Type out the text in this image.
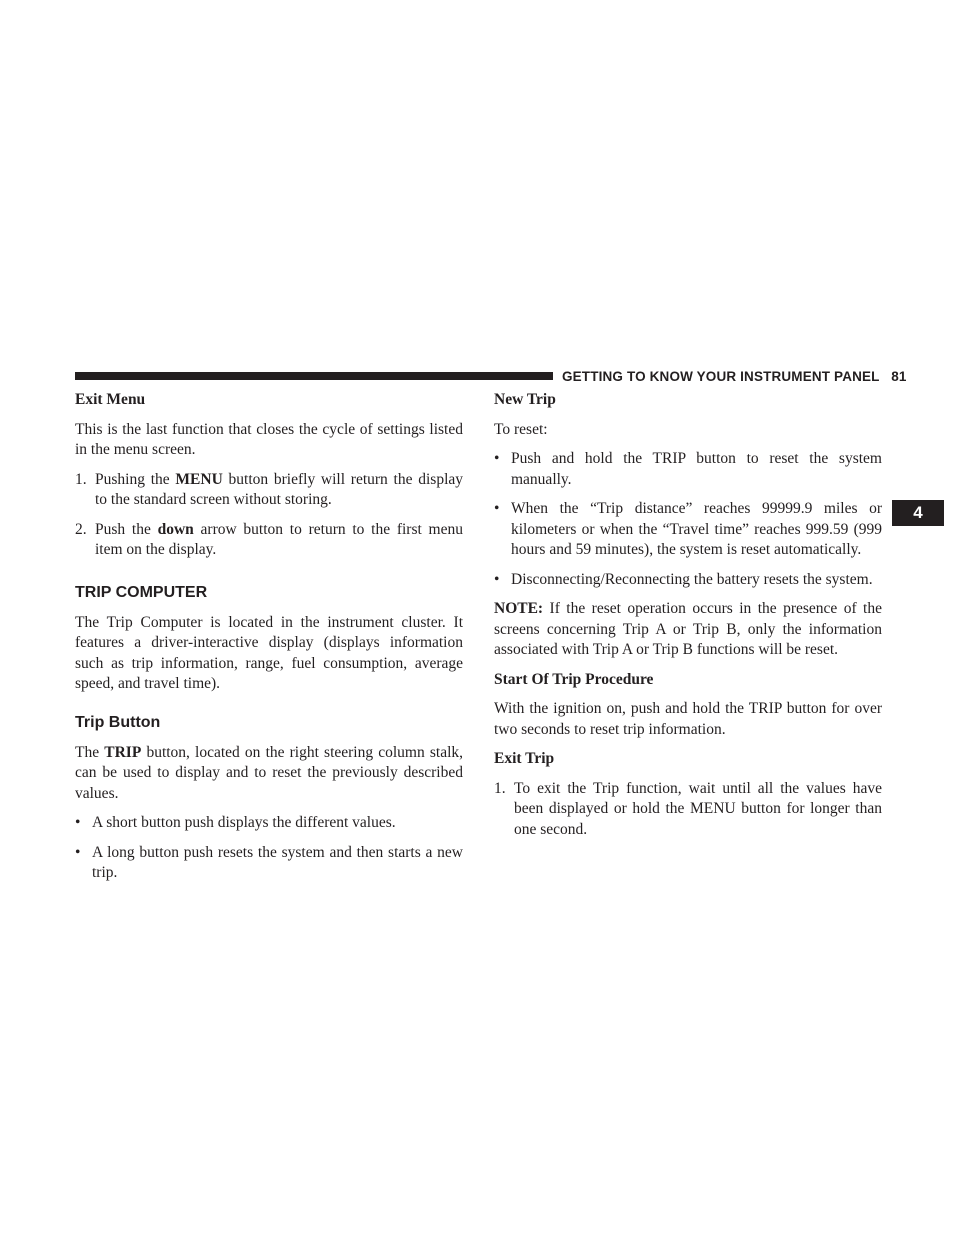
GETTING TO KNOW YOUR INSTRUMENT PANEL 81
4

Exit Menu

This is the last function that closes the cycle of settings listed in the menu screen.

1. Pushing the MENU button briefly will return the display to the standard screen without storing.

2. Push the down arrow button to return to the first menu item on the display.

TRIP COMPUTER

The Trip Computer is located in the instrument cluster. It features a driver-interactive display (displays information such as trip information, range, fuel consumption, average speed, and travel time).

Trip Button

The TRIP button, located on the right steering column stalk, can be used to display and to reset the previously described values.

• A short button push displays the different values.

• A long button push resets the system and then starts a new trip.

New Trip

To reset:

• Push and hold the TRIP button to reset the system manually.

• When the “Trip distance” reaches 99999.9 miles or kilometers or when the “Travel time” reaches 999.59 (999 hours and 59 minutes), the system is reset automatically.

• Disconnecting/Reconnecting the battery resets the system.

NOTE: If the reset operation occurs in the presence of the screens concerning Trip A or Trip B, only the information associated with Trip A or Trip B functions will be reset.

Start Of Trip Procedure

With the ignition on, push and hold the TRIP button for over two seconds to reset trip information.

Exit Trip

1. To exit the Trip function, wait until all the values have been displayed or hold the MENU button for longer than one second.
